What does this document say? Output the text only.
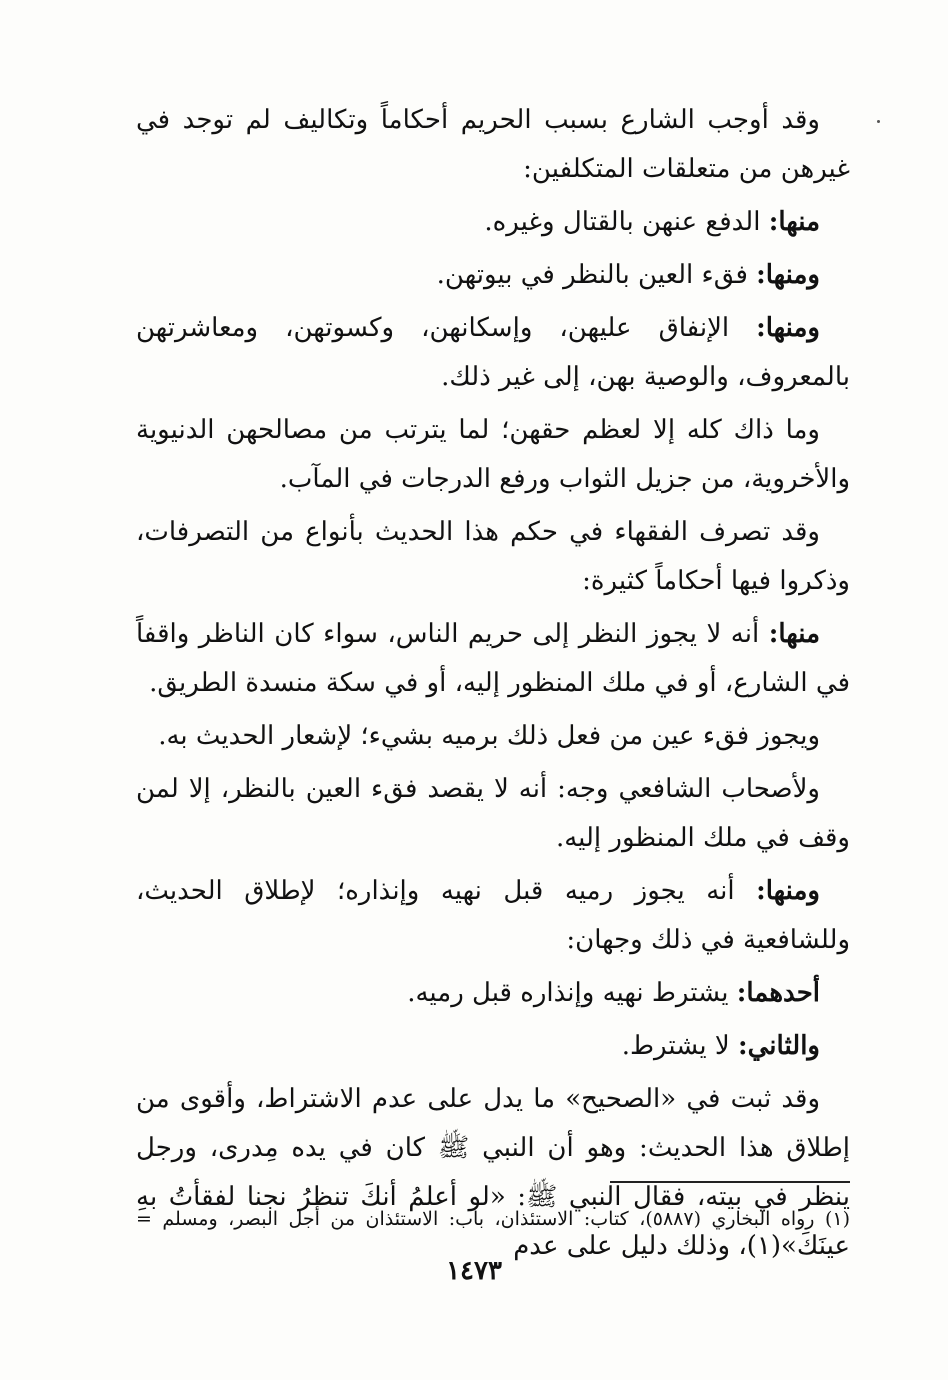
وقد أوجب الشارع بسبب الحريم أحكاماً وتكاليف لم توجد في غيرهن من متعلقات المتكلفين:

منها: الدفع عنهن بالقتال وغيره.

ومنها: فقء العين بالنظر في بيوتهن.

ومنها: الإنفاق عليهن، وإسكانهن، وكسوتهن، ومعاشرتهن بالمعروف، والوصية بهن، إلى غير ذلك.

وما ذاك كله إلا لعظم حقهن؛ لما يترتب من مصالحهن الدنيوية والأخروية، من جزيل الثواب ورفع الدرجات في المآب.

وقد تصرف الفقهاء في حكم هذا الحديث بأنواع من التصرفات، وذكروا فيها أحكاماً كثيرة:

منها: أنه لا يجوز النظر إلى حريم الناس، سواء كان الناظر واقفاً في الشارع، أو في ملك المنظور إليه، أو في سكة منسدة الطريق.

ويجوز فقء عين من فعل ذلك برميه بشيء؛ لإشعار الحديث به.

ولأصحاب الشافعي وجه: أنه لا يقصد فقء العين بالنظر، إلا لمن وقف في ملك المنظور إليه.

ومنها: أنه يجوز رميه قبل نهيه وإنذاره؛ لإطلاق الحديث، وللشافعية في ذلك وجهان:

أحدهما: يشترط نهيه وإنذاره قبل رميه.

والثاني: لا يشترط.

وقد ثبت في «الصحيح» ما يدل على عدم الاشتراط، وأقوى من إطلاق هذا الحديث: وهو أن النبي ﷺ كان في يده مِدرى، ورجل ينظر في بيته، فقال النبي ﷺ: «لو أعلمُ أنكَ تنظرُ نجنا لفقأتُ بهِ عينَكَ»(١)، وذلك دليل على عدم

(١) رواه البخاري (٥٨٨٧)، كتاب: الاستئذان، باب: الاستئذان من أجل البصر، ومسلم =
١٤٧٣
